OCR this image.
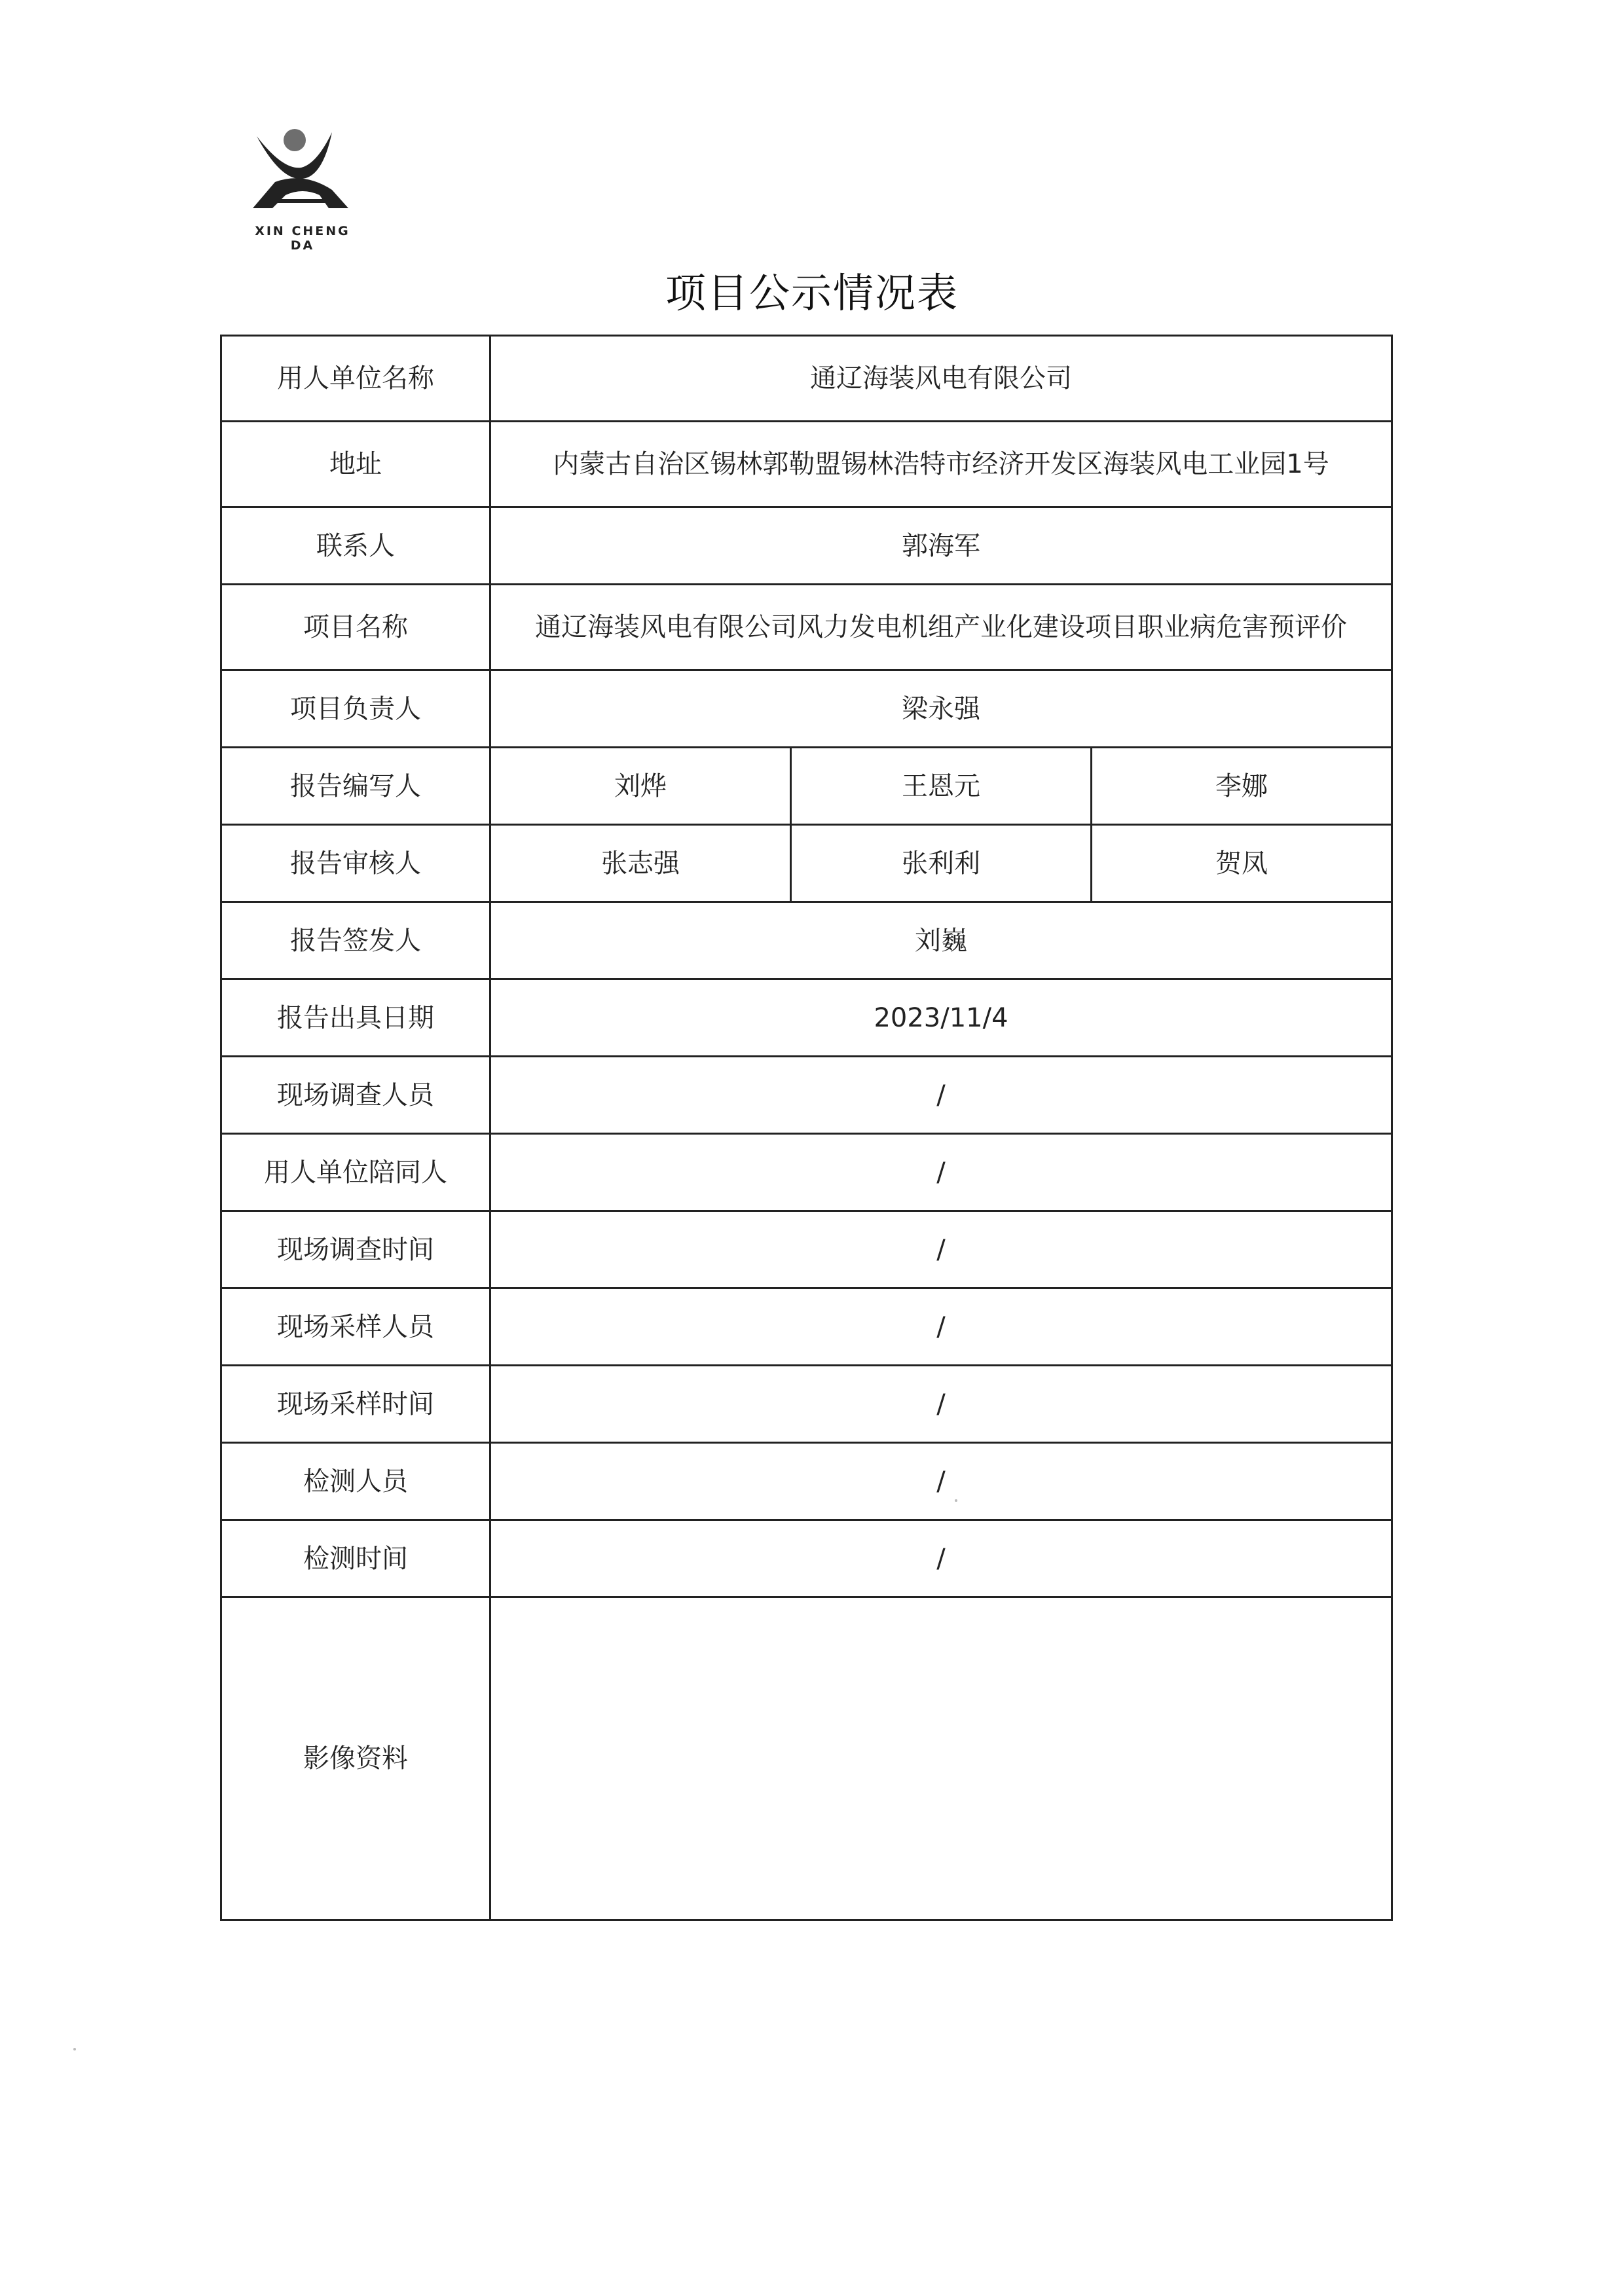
XIN CHENG DA
项目公示情况表
用人单位名称	通辽海装风电有限公司		
地址	内蒙古自治区锡林郭勒盟锡林浩特市经济开发区海装风电工业园1号		
联系人	郭海军		
项目名称	通辽海装风电有限公司风力发电机组产业化建设项目职业病危害预评价		
项目负责人	梁永强		
报告编写人	刘烨	王恩元	李娜
报告审核人	张志强	张利利	贺凤
报告签发人	刘巍		
报告出具日期	2023/11/4		
现场调查人员	/		
用人单位陪同人	/		
现场调查时间	/		
现场采样人员	/		
现场采样时间	/		
检测人员	/		
检测时间	/		
影像资料			
